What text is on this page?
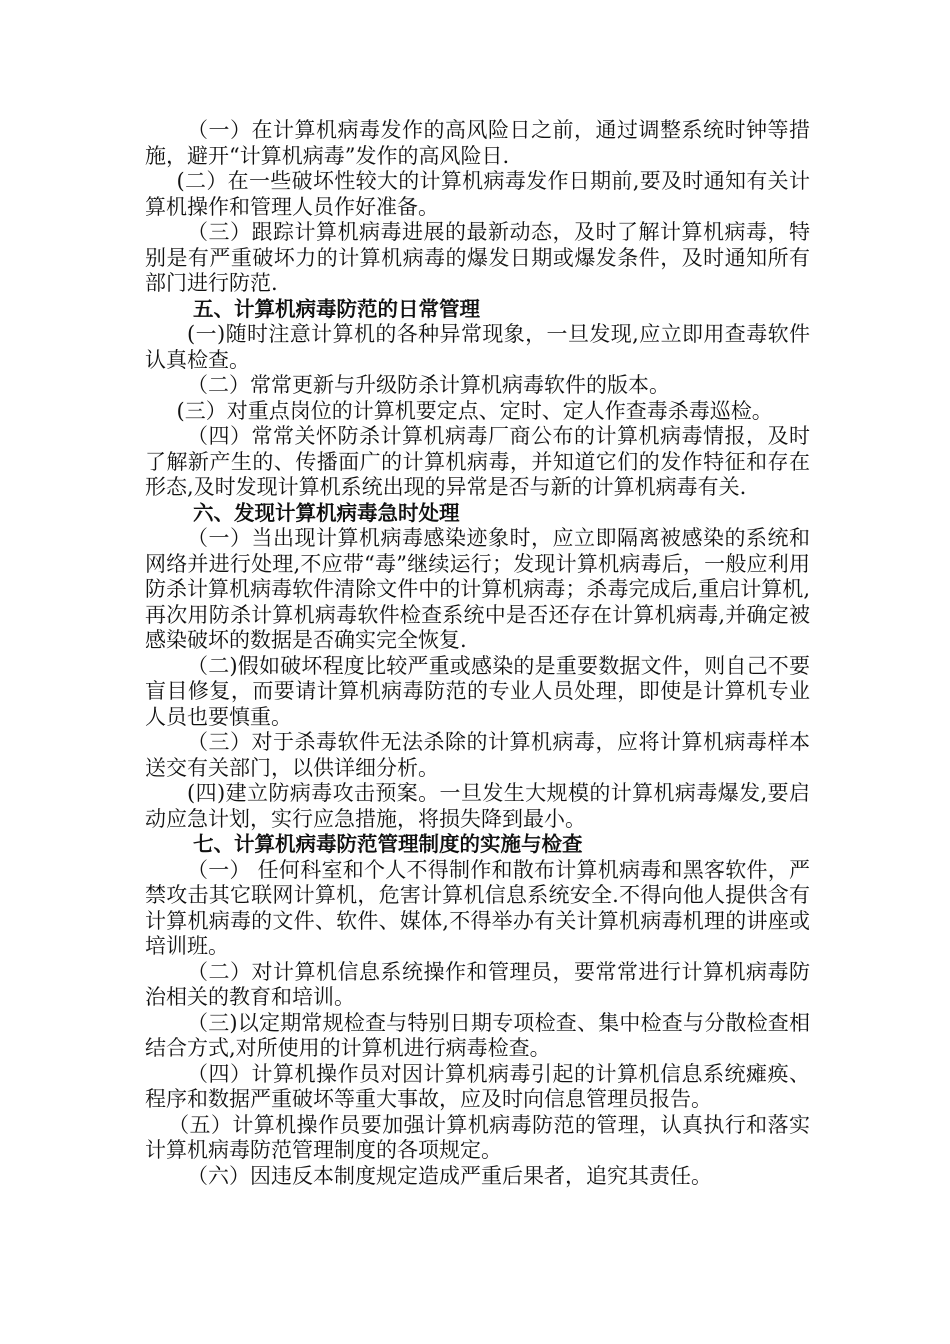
（一）在计算机病毒发作的高风险日之前，通过调整系统时钟等措施，避开“计算机病毒”发作的高风险日.

(二）在一些破坏性较大的计算机病毒发作日期前,要及时通知有关计算机操作和管理人员作好准备。

（三）跟踪计算机病毒进展的最新动态，及时了解计算机病毒，特别是有严重破坏力的计算机病毒的爆发日期或爆发条件，及时通知所有部门进行防范.

五、计算机病毒防范的日常管理

(一)随时注意计算机的各种异常现象，一旦发现,应立即用查毒软件认真检查。

（二）常常更新与升级防杀计算机病毒软件的版本。

(三）对重点岗位的计算机要定点、定时、定人作查毒杀毒巡检。

（四）常常关怀防杀计算机病毒厂商公布的计算机病毒情报，及时了解新产生的、传播面广的计算机病毒，并知道它们的发作特征和存在形态,及时发现计算机系统出现的异常是否与新的计算机病毒有关.

六、发现计算机病毒急时处理

（一）当出现计算机病毒感染迹象时，应立即隔离被感染的系统和网络并进行处理,不应带“毒”继续运行；发现计算机病毒后，一般应利用防杀计算机病毒软件清除文件中的计算机病毒；杀毒完成后,重启计算机,再次用防杀计算机病毒软件检查系统中是否还存在计算机病毒,并确定被感染破坏的数据是否确实完全恢复.

（二)假如破坏程度比较严重或感染的是重要数据文件，则自己不要盲目修复，而要请计算机病毒防范的专业人员处理，即使是计算机专业人员也要慎重。

（三）对于杀毒软件无法杀除的计算机病毒，应将计算机病毒样本送交有关部门，以供详细分析。

(四)建立防病毒攻击预案。一旦发生大规模的计算机病毒爆发,要启动应急计划，实行应急措施，将损失降到最小。

七、计算机病毒防范管理制度的实施与检查

（一） 任何科室和个人不得制作和散布计算机病毒和黑客软件，严禁攻击其它联网计算机，危害计算机信息系统安全.不得向他人提供含有计算机病毒的文件、软件、媒体,不得举办有关计算机病毒机理的讲座或培训班。

（二）对计算机信息系统操作和管理员，要常常进行计算机病毒防治相关的教育和培训。

（三)以定期常规检查与特别日期专项检查、集中检查与分散检查相结合方式,对所使用的计算机进行病毒检查。

（四）计算机操作员对因计算机病毒引起的计算机信息系统瘫痪、程序和数据严重破坏等重大事故，应及时向信息管理员报告。

（五）计算机操作员要加强计算机病毒防范的管理，认真执行和落实计算机病毒防范管理制度的各项规定。

（六）因违反本制度规定造成严重后果者，追究其责任。
